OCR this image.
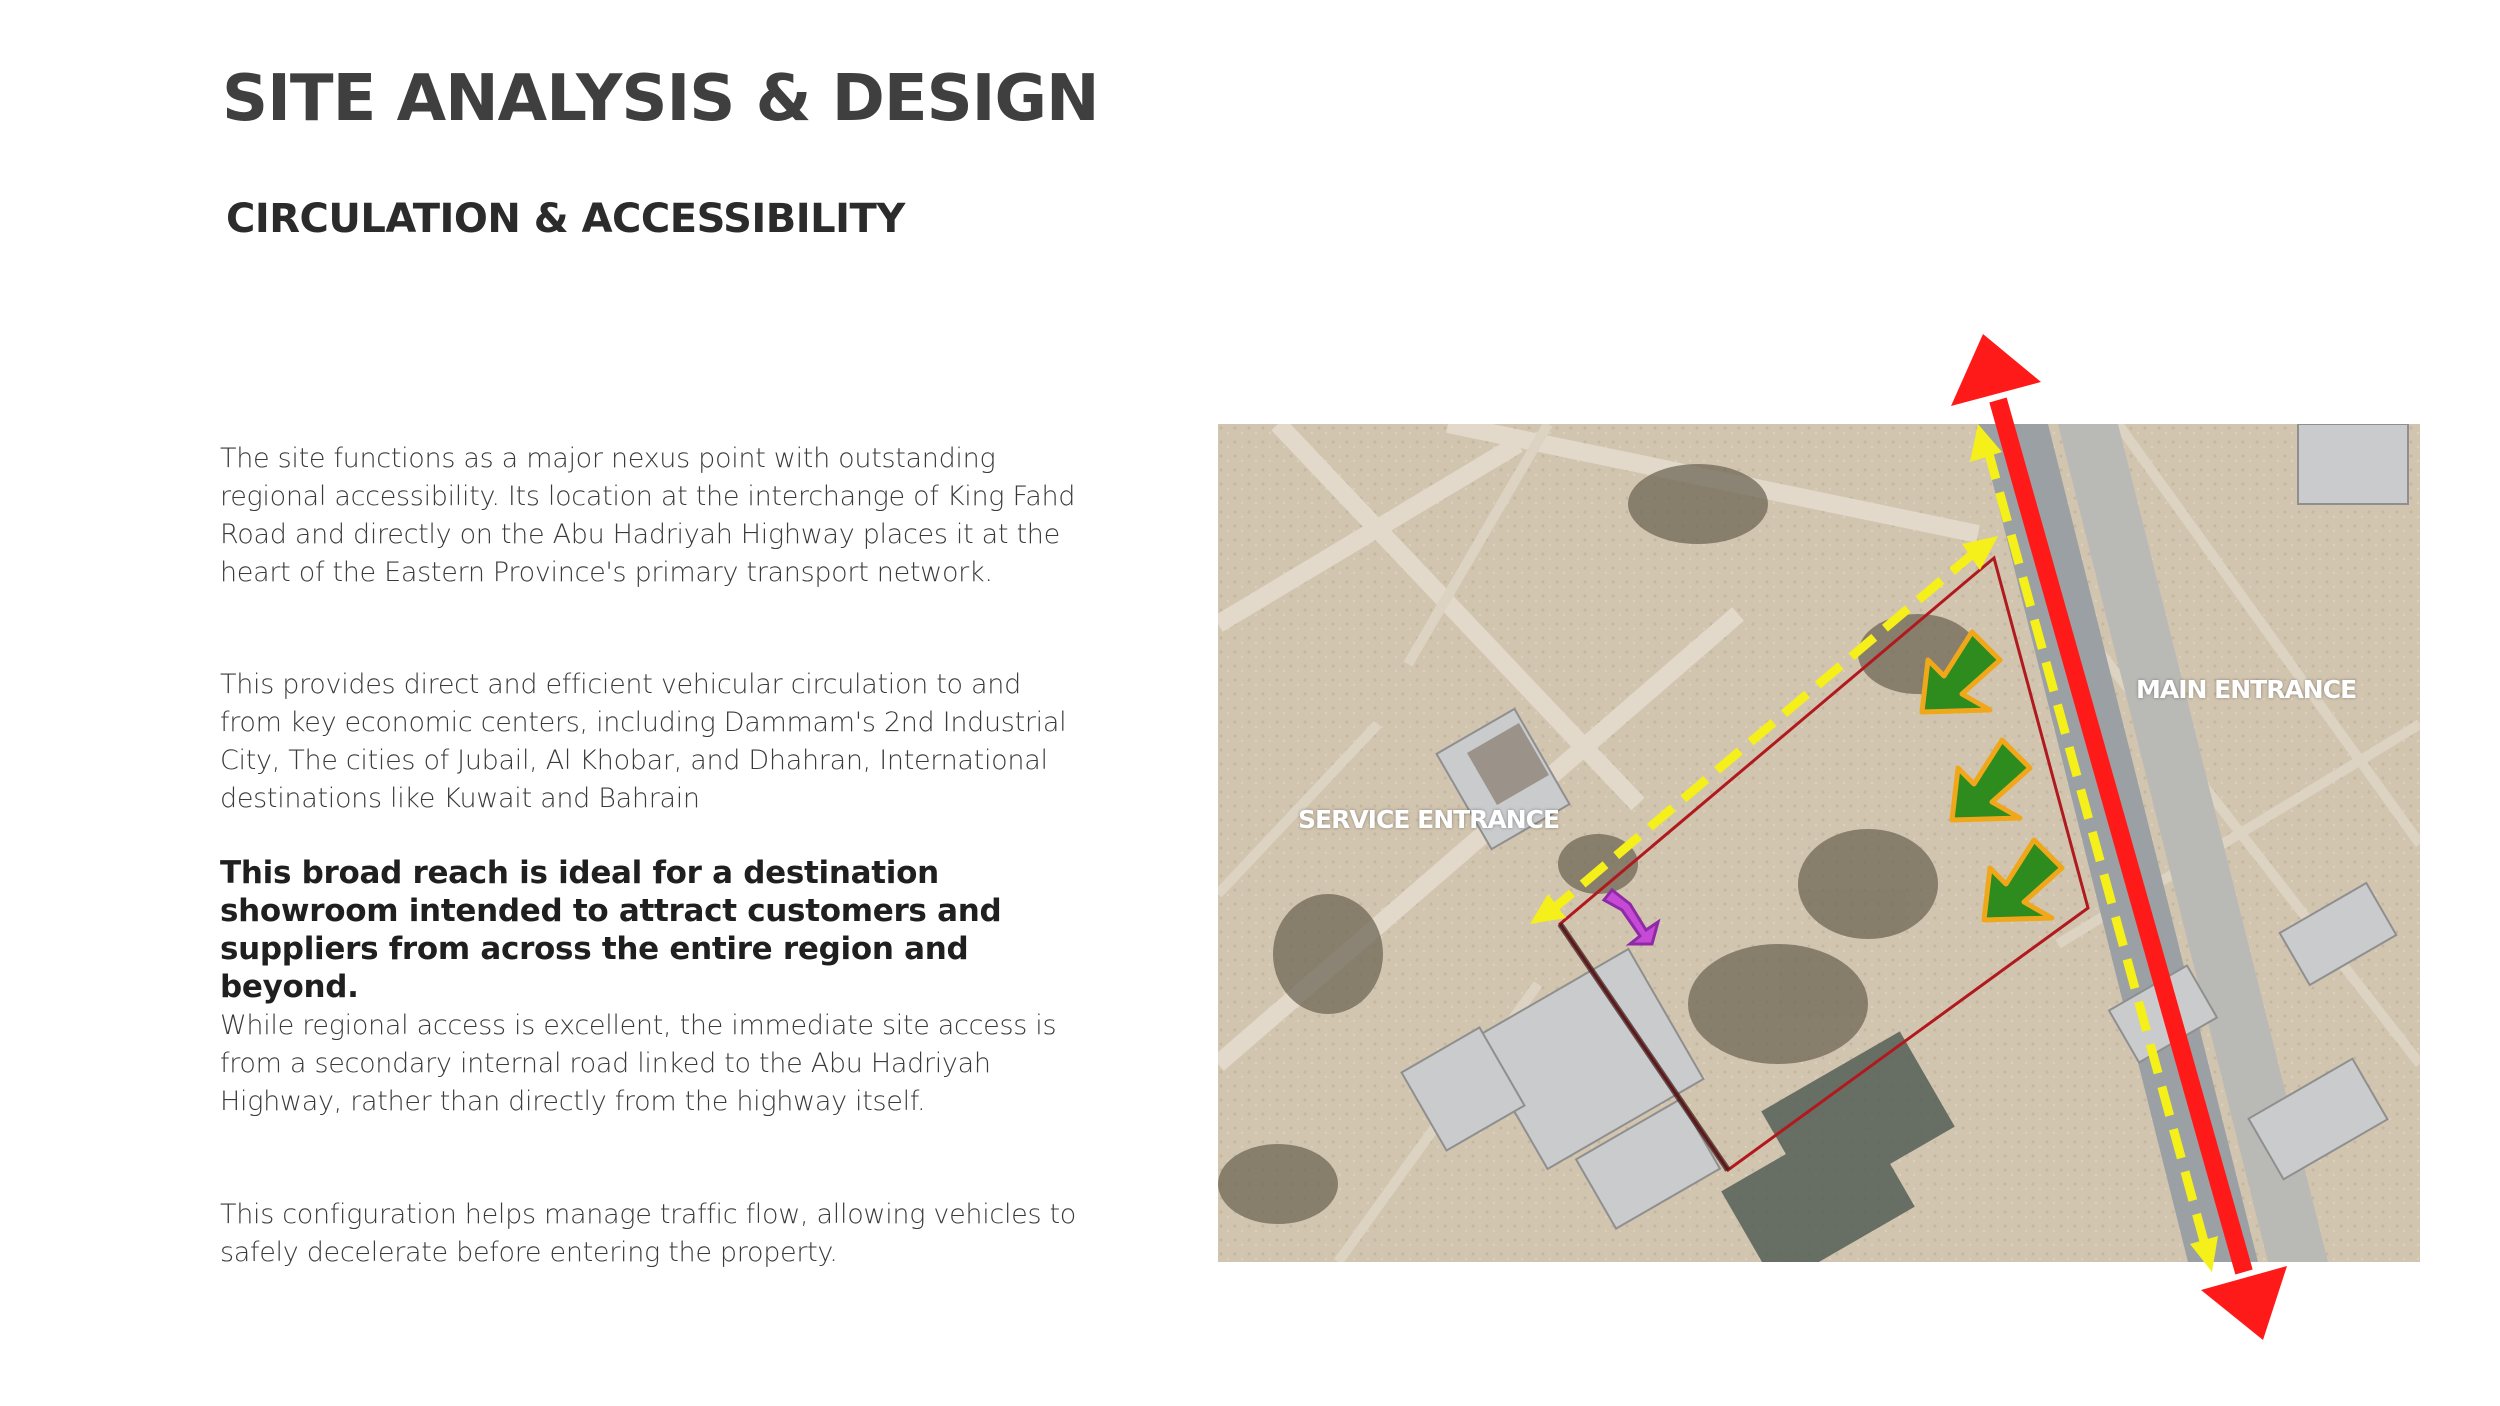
SITE ANALYSIS & DESIGN
CIRCULATION & ACCESSIBILITY

The site functions as a major nexus point with outstanding regional accessibility. Its location at the interchange of King Fahd Road and directly on the Abu Hadriyah Highway places it at the heart of the Eastern Province's primary transport network.

This provides direct and efficient vehicular circulation to and from key economic centers, including Dammam's 2nd Industrial City, The cities of Jubail, Al Khobar, and Dhahran, International destinations like Kuwait and Bahrain

This broad reach is ideal for a destination showroom intended to attract customers and suppliers from across the entire region and beyond.

While regional access is excellent, the immediate site access is from a secondary internal road linked to the Abu Hadriyah Highway, rather than directly from the highway itself.

This configuration helps manage traffic flow, allowing vehicles to safely decelerate before entering the property.

SERVICE ENTRANCE
MAIN ENTRANCE
